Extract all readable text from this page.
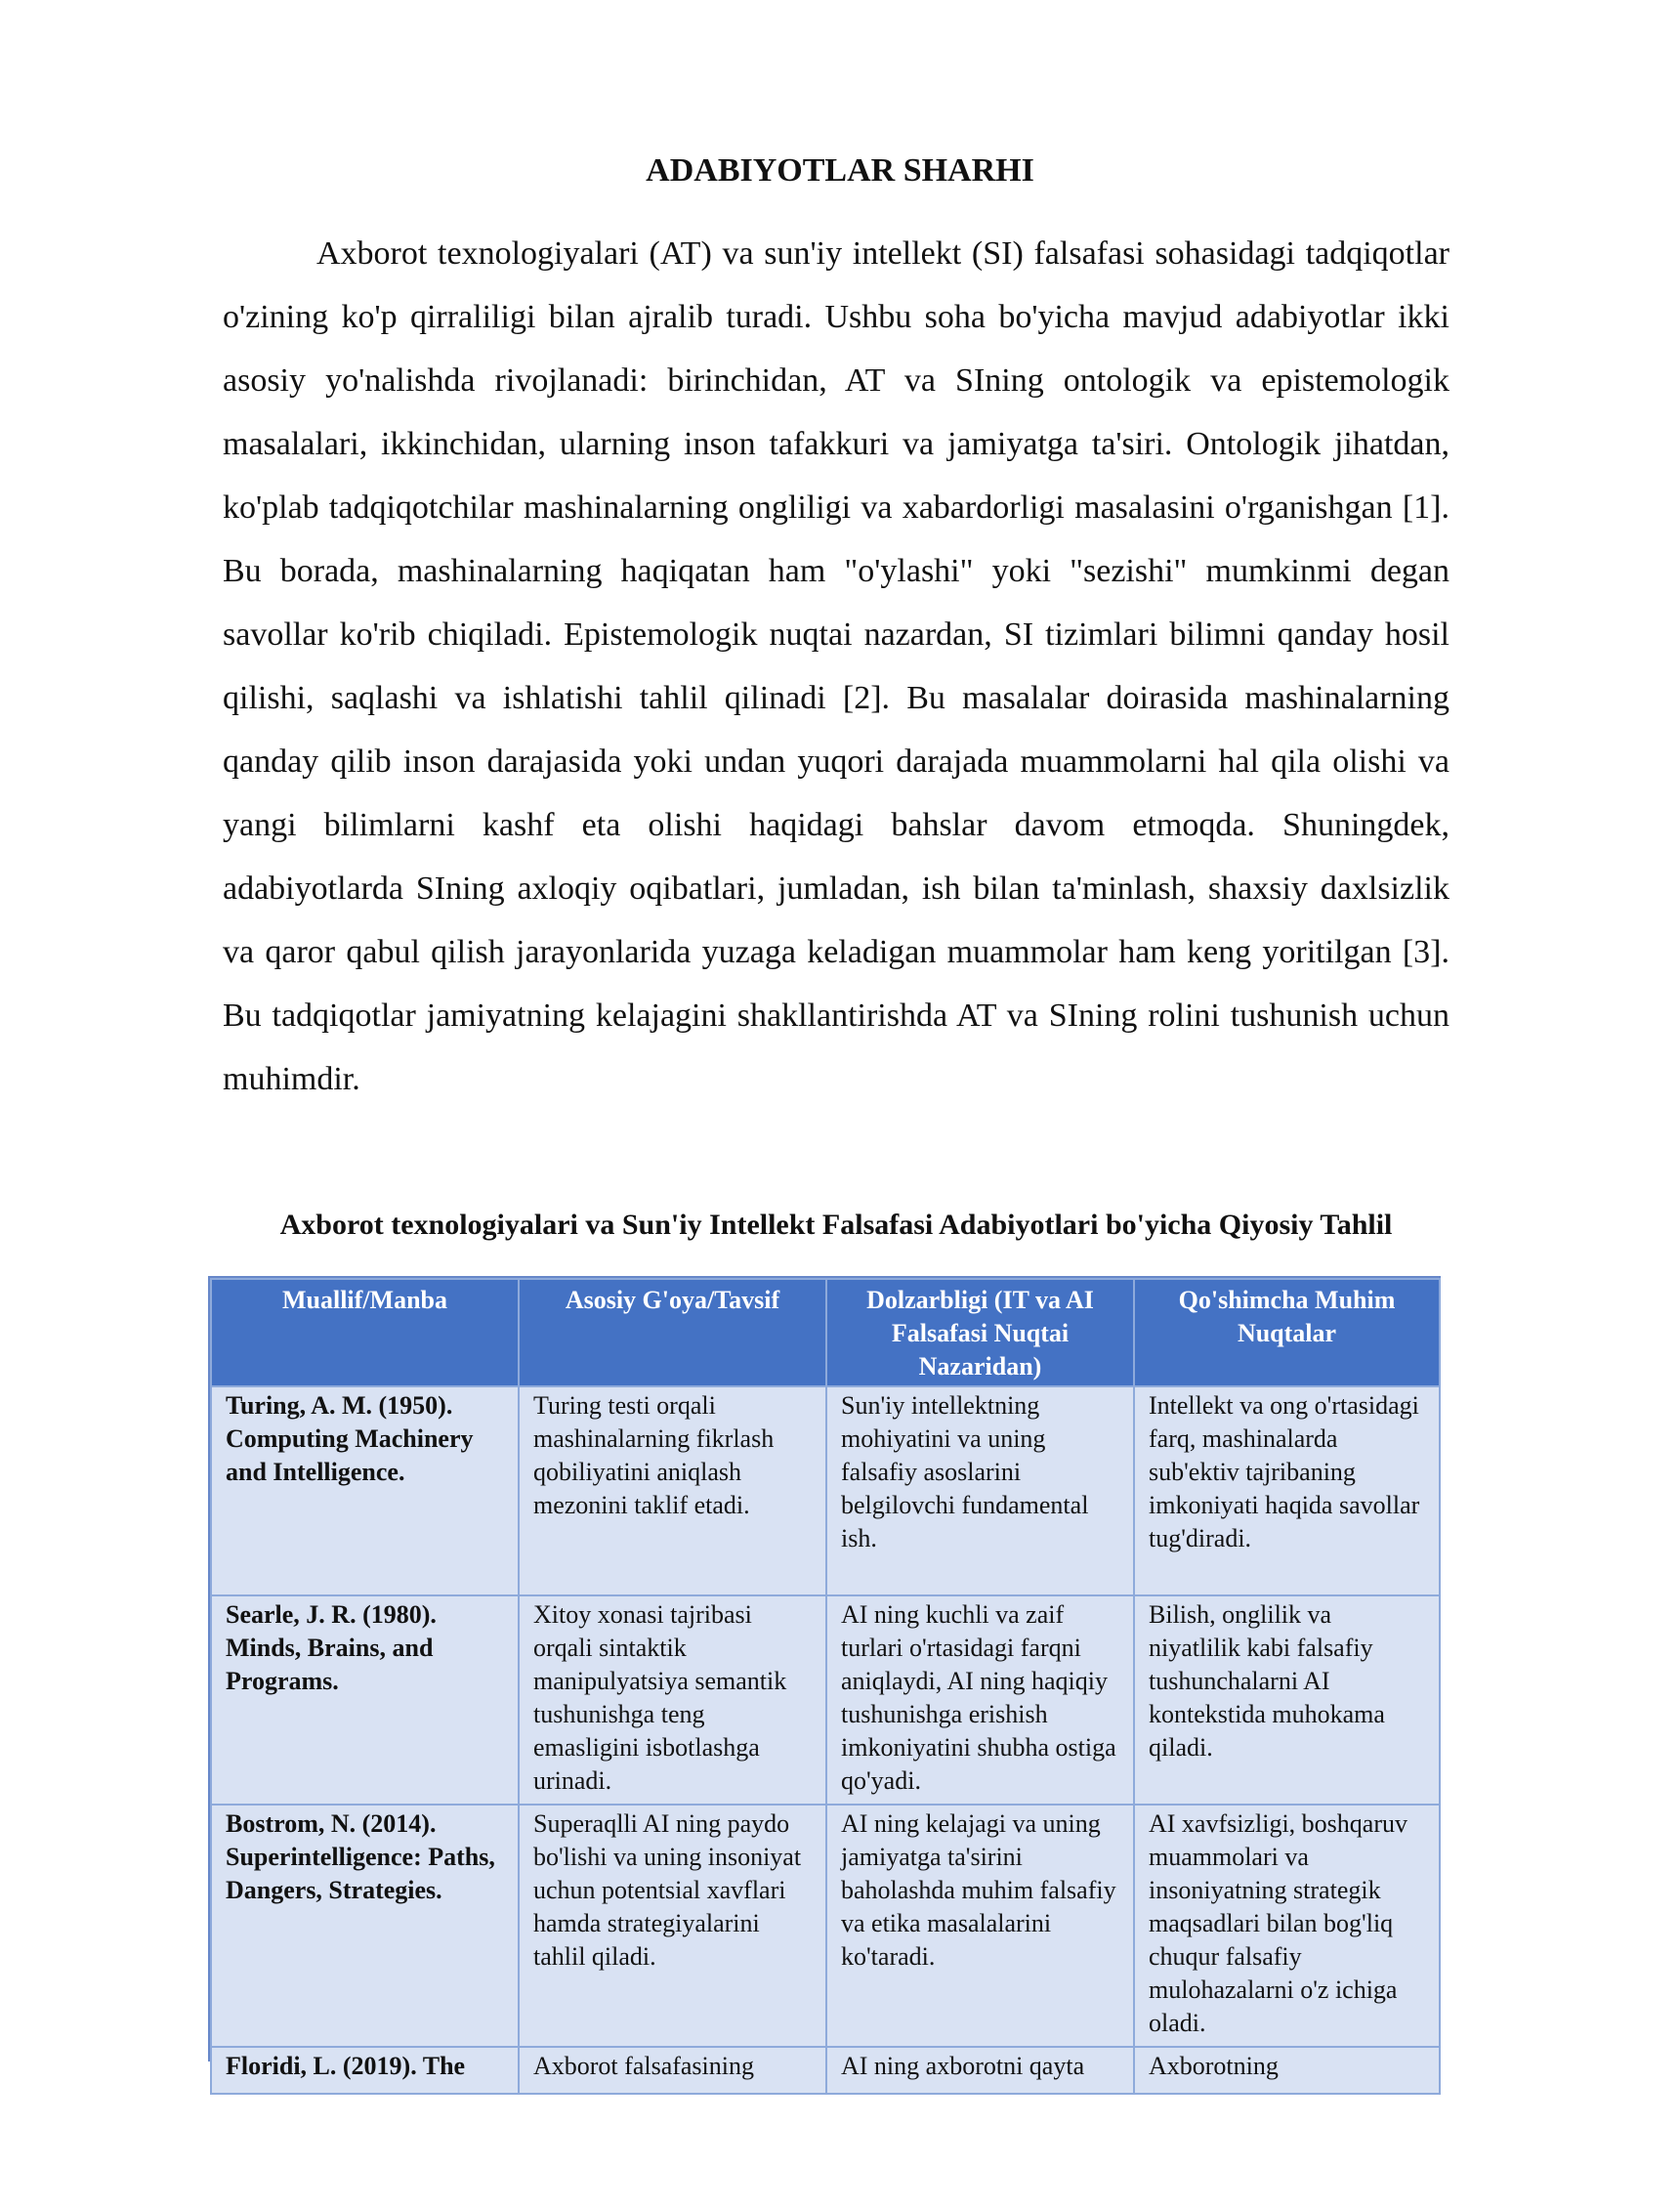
ADABIYOTLAR SHARHI

Axborot texnologiyalari (AT) va sun'iy intellekt (SI) falsafasi sohasidagi tadqiqotlar o'zining ko'p qirraliligi bilan ajralib turadi. Ushbu soha bo'yicha mavjud adabiyotlar ikki asosiy yo'nalishda rivojlanadi: birinchidan, AT va SIning ontologik va epistemologik masalalari, ikkinchidan, ularning inson tafakkuri va jamiyatga ta'siri. Ontologik jihatdan, ko'plab tadqiqotchilar mashinalarning ongliligi va xabardorligi masalasini o'rganishgan [1]. Bu borada, mashinalarning haqiqatan ham "o'ylashi" yoki "sezishi" mumkinmi degan savollar ko'rib chiqiladi. Epistemologik nuqtai nazardan, SI tizimlari bilimni qanday hosil qilishi, saqlashi va ishlatishi tahlil qilinadi [2]. Bu masalalar doirasida mashinalarning qanday qilib inson darajasida yoki undan yuqori darajada muammolarni hal qila olishi va yangi bilimlarni kashf eta olishi haqidagi bahslar davom etmoqda. Shuningdek, adabiyotlarda SIning axloqiy oqibatlari, jumladan, ish bilan ta'minlash, shaxsiy daxlsizlik va qaror qabul qilish jarayonlarida yuzaga keladigan muammolar ham keng yoritilgan [3]. Bu tadqiqotlar jamiyatning kelajagini shakllantirishda AT va SIning rolini tushunish uchun muhimdir.

Axborot texnologiyalari va Sun'iy Intellekt Falsafasi Adabiyotlari bo'yicha Qiyosiy Tahlil

Muallif/Manba	Asosiy G'oya/Tavsif	Dolzarbligi (IT va AI Falsafasi Nuqtai Nazaridan)	Qo'shimcha Muhim Nuqtalar
Turing, A. M. (1950). Computing Machinery and Intelligence.	Turing testi orqali mashinalarning fikrlash qobiliyatini aniqlash mezonini taklif etadi.	Sun'iy intellektning mohiyatini va uning falsafiy asoslarini belgilovchi fundamental ish.	Intellekt va ong o'rtasidagi farq, mashinalarda sub'ektiv tajribaning imkoniyati haqida savollar tug'diradi.
Searle, J. R. (1980). Minds, Brains, and Programs.	Xitoy xonasi tajribasi orqali sintaktik manipulyatsiya semantik tushunishga teng emasligini isbotlashga urinadi.	AI ning kuchli va zaif turlari o'rtasidagi farqni aniqlaydi, AI ning haqiqiy tushunishga erishish imkoniyatini shubha ostiga qo'yadi.	Bilish, onglilik va niyatlilik kabi falsafiy tushunchalarni AI kontekstida muhokama qiladi.
Bostrom, N. (2014). Superintelligence: Paths, Dangers, Strategies.	Superaqlli AI ning paydo bo'lishi va uning insoniyat uchun potentsial xavflari hamda strategiyalarini tahlil qiladi.	AI ning kelajagi va uning jamiyatga ta'sirini baholashda muhim falsafiy va etika masalalarini ko'taradi.	AI xavfsizligi, boshqaruv muammolari va insoniyatning strategik maqsadlari bilan bog'liq chuqur falsafiy mulohazalarni o'z ichiga oladi.
Floridi, L. (2019). The	Axborot falsafasining	AI ning axborotni qayta	Axborotning
